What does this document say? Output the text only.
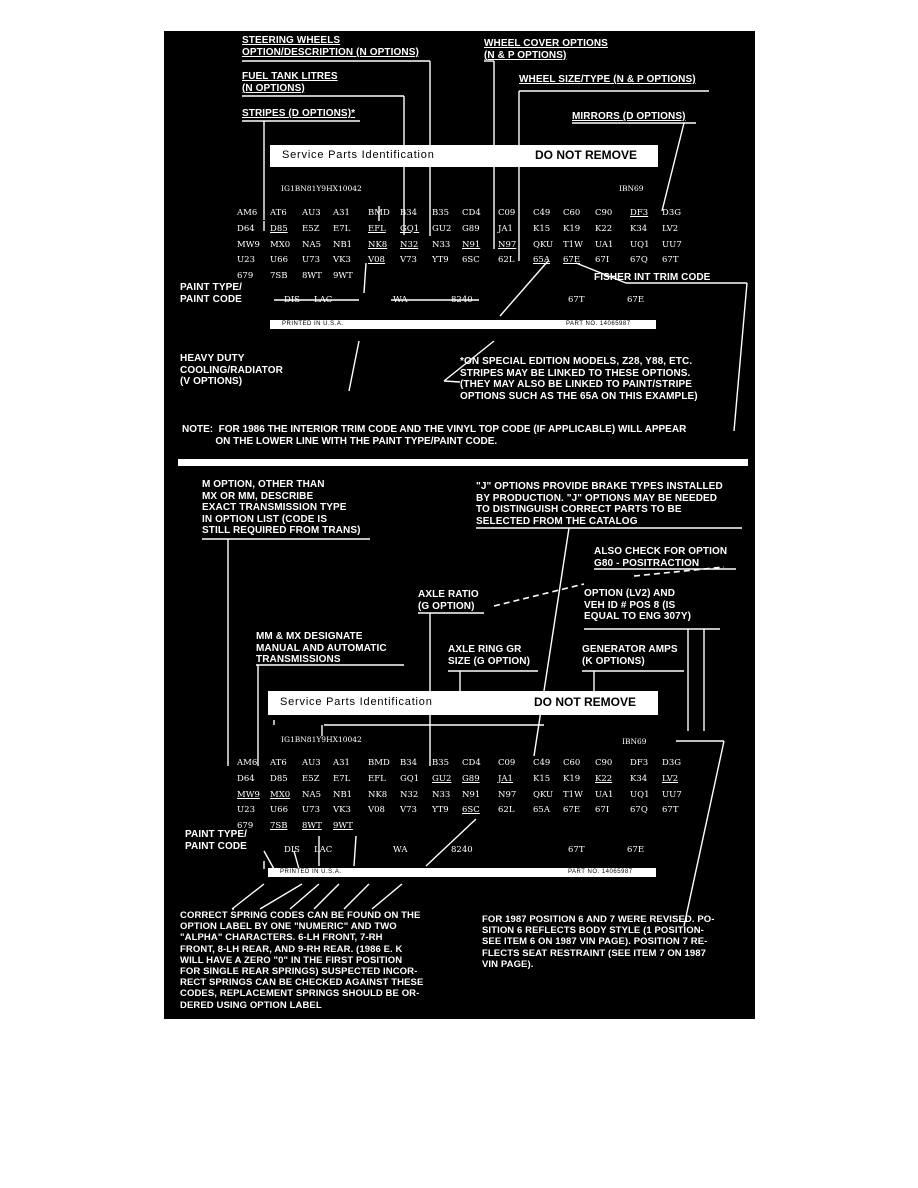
STEERING WHEELS
OPTION/DESCRIPTION (N OPTIONS)
FUEL TANK LITRES
(N OPTIONS)
STRIPES (D OPTIONS)*
WHEEL COVER OPTIONS
(N & P OPTIONS)
WHEEL SIZE/TYPE (N & P OPTIONS)
MIRRORS (D OPTIONS)
Service Parts Identification	DO NOT REMOVE
IG1BN81Y9HX10042	IBN69
AM6 AT6 AU3 A31 BMD B34 B35 CD4 C09 C49 C60 C90 DF3 D3G
D64 D85 E5Z E7L EFL GQ1 GU2 G89 JA1 K15 K19 K22 K34 LV2
MW9 MX0 NA5 NB1 NK8 N32 N33 N91 N97 QKU T1W UA1 UQ1 UU7
U23 U66 U73 VK3 V08 V73 YT9 6SC 62L 65A 67E 67I 67Q 67T
679 7SB 8WT 9WT
PAINT TYPE/
PAINT CODE
FISHER INT TRIM CODE
DIS LAC	WA	8240	67T	67E
PRINTED IN U.S.A.	PART NO. 14065987
HEAVY DUTY
COOLING/RADIATOR
(V OPTIONS)
*ON SPECIAL EDITION MODELS, Z28, Y88, ETC.
STRIPES MAY BE LINKED TO THESE OPTIONS.
(THEY MAY ALSO BE LINKED TO PAINT/STRIPE
OPTIONS SUCH AS THE 65A ON THIS EXAMPLE)
NOTE:  FOR 1986 THE INTERIOR TRIM CODE AND THE VINYL TOP CODE (IF APPLICABLE) WILL APPEAR
ON THE LOWER LINE WITH THE PAINT TYPE/PAINT CODE.
M OPTION, OTHER THAN
MX OR MM, DESCRIBE
EXACT TRANSMISSION TYPE
IN OPTION LIST (CODE IS
STILL REQUIRED FROM TRANS)
"J" OPTIONS PROVIDE BRAKE TYPES INSTALLED
BY PRODUCTION. "J" OPTIONS MAY BE NEEDED
TO DISTINGUISH CORRECT PARTS TO BE
SELECTED FROM THE CATALOG
ALSO CHECK FOR OPTION
G80 - POSITRACTION
AXLE RATIO
(G OPTION)
OPTION (LV2) AND
VEH ID # POS 8 (IS
EQUAL TO ENG 307Y)
MM & MX DESIGNATE
MANUAL AND AUTOMATIC
TRANSMISSIONS
AXLE RING GR
SIZE (G OPTION)
GENERATOR AMPS
(K OPTIONS)
Service Parts Identification	DO NOT REMOVE
IG1BN81Y9HX10042	IBN69
AM6 AT6 AU3 A31 BMD B34 B35 CD4 C09 C49 C60 C90 DF3 D3G
D64 D85 E5Z E7L EFL GQ1 GU2 G89 JA1 K15 K19 K22 K34 LV2
MW9 MX0 NA5 NB1 NK8 N32 N33 N91 N97 QKU T1W UA1 UQ1 UU7
U23 U66 U73 VK3 V08 V73 YT9 6SC 62L 65A 67E 67I 67Q 67T
679 7SB 8WT 9WT
PAINT TYPE/
PAINT CODE	DIS LAC	WA	8240	67T	67E
PRINTED IN U.S.A.	PART NO. 14065987
CORRECT SPRING CODES CAN BE FOUND ON THE
OPTION LABEL BY ONE "NUMERIC" AND TWO
"ALPHA" CHARACTERS. 6-LH FRONT, 7-RH
FRONT, 8-LH REAR, AND 9-RH REAR. (1986 E. K
WILL HAVE A ZERO "0" IN THE FIRST POSITION
FOR SINGLE REAR SPRINGS) SUSPECTED INCOR-
RECT SPRINGS CAN BE CHECKED AGAINST THESE
CODES, REPLACEMENT SPRINGS SHOULD BE OR-
DERED USING OPTION LABEL
FOR 1987 POSITION 6 AND 7 WERE REVISED. PO-
SITION 6 REFLECTS BODY STYLE (1 POSITION-
SEE ITEM 6 ON 1987 VIN PAGE). POSITION 7 RE-
FLECTS SEAT RESTRAINT (SEE ITEM 7 ON 1987
VIN PAGE).
